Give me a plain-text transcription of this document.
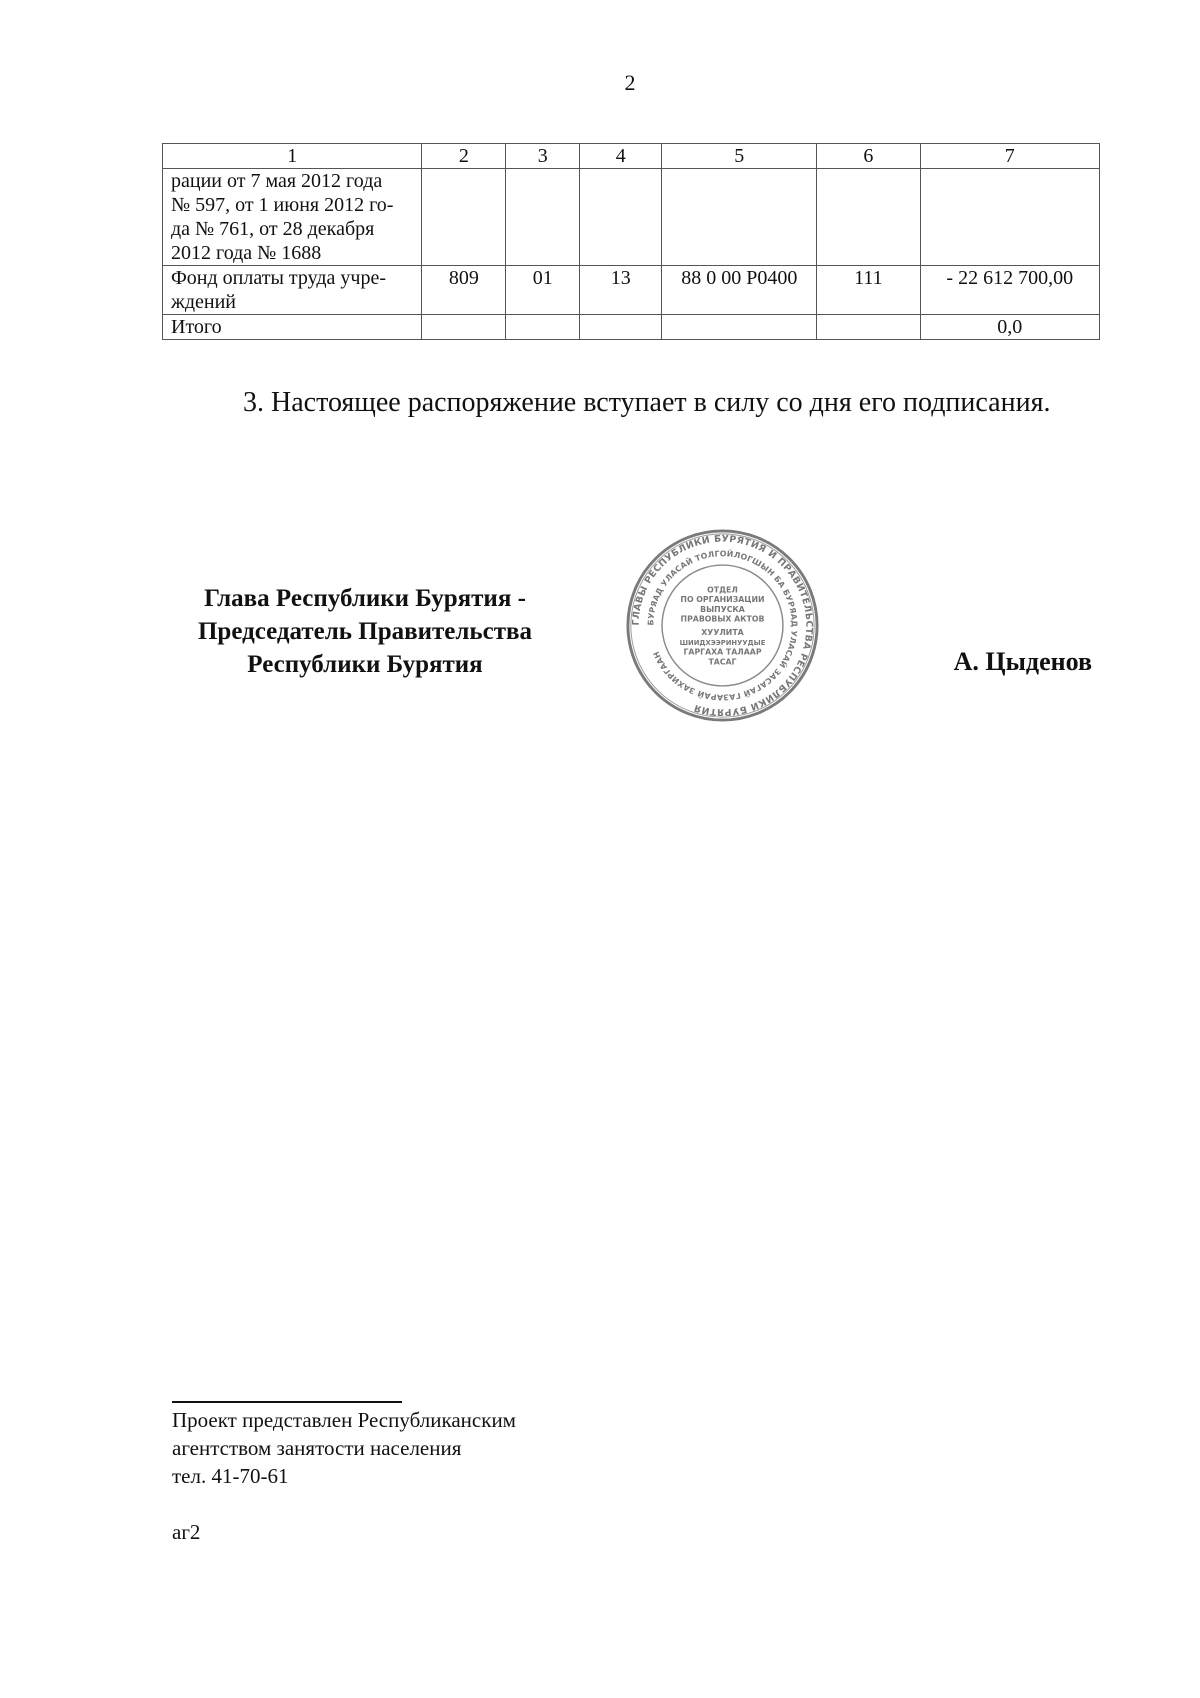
2
1	2	3	4	5	6	7

рации от 7 мая 2012 года
№ 597, от 1 июня 2012 го-
да № 761, от 28 декабря
2012 года № 1688						

Фонд оплаты труда учре-
ждений	809	01	13	88 0 00 P0400	111	- 22 612 700,00

Итого						0,0
3. Настоящее распоряжение вступает в силу со дня его подписания.
Глава Республики Бурятия -
Председатель Правительства
Республики Бурятия
ГЛАВЫ РЕСПУБЛИКИ БУРЯТИЯ И ПРАВИТЕЛЬСТВА РЕСПУБЛИКИ БУРЯТИЯ
БУРЯАД УЛАСАЙ ТОЛГОЙЛОГШЫН БА БУРЯАД УЛАСАЙ ЗАСАГАЙ ГАЗАРАЙ ЗАХИРГААН
ОТДЕЛ
ПО ОРГАНИЗАЦИИ
ВЫПУСКА
ПРАВОВЫХ АКТОВ
ХУУЛИТА
ШИИДХЭЭРИНУУДЫЕ
ГАРГАХА ТАЛААР
ТАСАГ	А. Цыденов
Проект представлен Республиканским
агентством занятости населения
тел. 41-70-61
аг2
